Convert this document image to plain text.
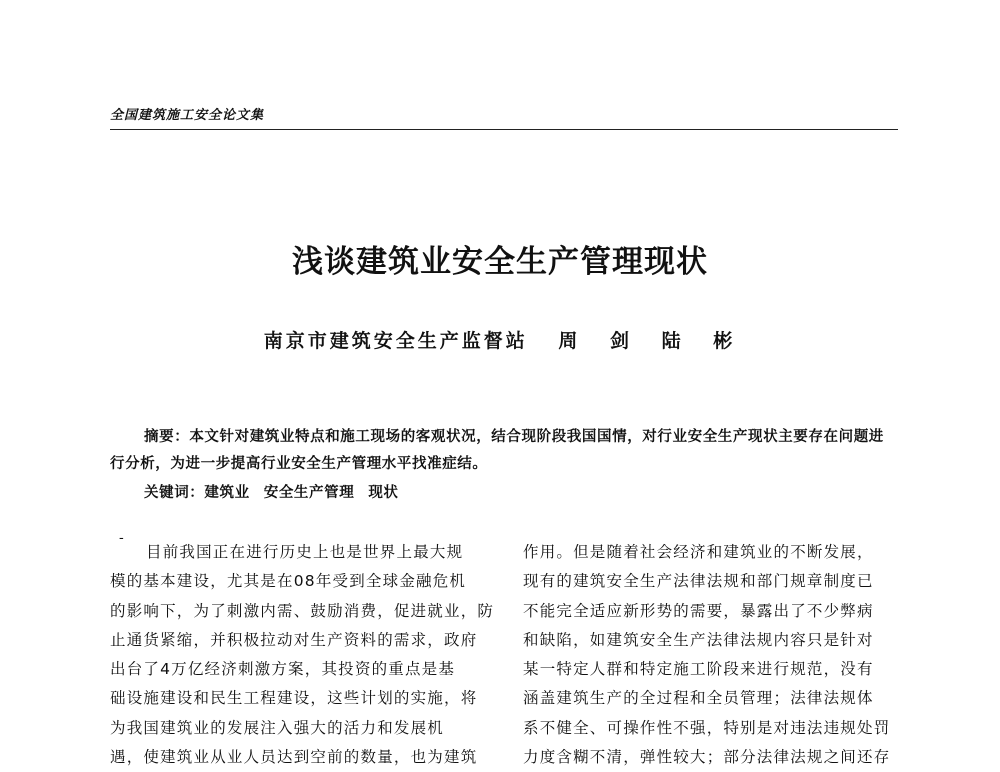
全国建筑施工安全论文集
浅谈建筑业安全生产管理现状
南京市建筑安全生产监督站 周 剑 陆 彬

摘要：本文针对建筑业特点和施工现场的客观状况，结合现阶段我国国情，对行业安全生产现状主要存在问题进行分析，为进一步提高行业安全生产管理水平找准症结。

关键词：建筑业 安全生产管理 现状
-
目前我国正在进行历史上也是世界上最大规
模的基本建设，尤其是在08年受到全球金融危机
的影响下，为了刺激内需、鼓励消费，促进就业，防
止通货紧缩，并积极拉动对生产资料的需求，政府
出台了4万亿经济刺激方案，其投资的重点是基
础设施建设和民生工程建设，这些计划的实施，将
为我国建筑业的发展注入强大的活力和发展机
遇，使建筑业从业人员达到空前的数量，也为建筑
作用。但是随着社会经济和建筑业的不断发展，
现有的建筑安全生产法律法规和部门规章制度已
不能完全适应新形势的需要，暴露出了不少弊病
和缺陷，如建筑安全生产法律法规内容只是针对
某一特定人群和特定施工阶段来进行规范，没有
涵盖建筑生产的全过程和全员管理；法律法规体
系不健全、可操作性不强，特别是对违法违规处罚
力度含糊不清，弹性较大；部分法律法规之间还存
